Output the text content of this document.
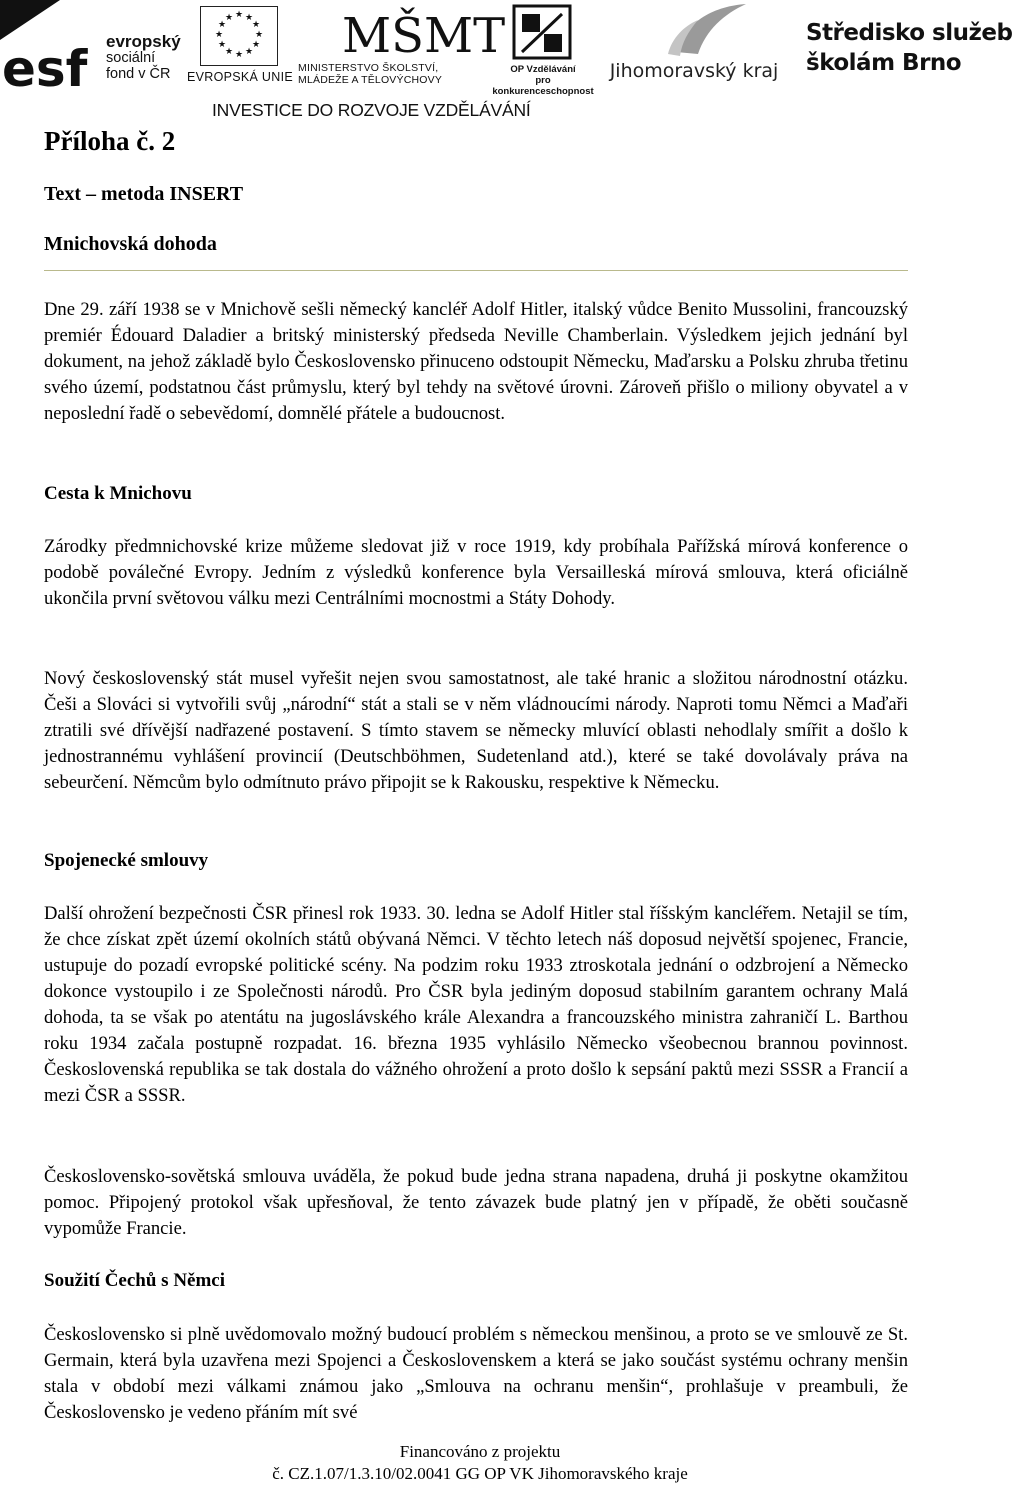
esf evropský
sociální
fond v ČR
★ ★
★
★
★
★
★
★
★
★
★
★
EVROPSKÁ UNIE
MŠMT
MINISTERSTVO ŠKOLSTVÍ,
MLÁDEŽE A TĚLOVÝCHOVY
OP Vzdělávání
pro konkurenceschopnost
Jihomoravský kraj
Středisko služeb
školám Brno
INVESTICE DO ROZVOJE VZDĚLÁVÁNÍ
Příloha č. 2
Text – metoda INSERT
Mnichovská dohoda

Dne 29. září 1938 se v Mnichově sešli německý kancléř Adolf Hitler, italský vůdce Benito Mussolini, francouzský premiér Édouard Daladier a britský ministerský předseda Neville Chamberlain. Výsledkem jejich jednání byl dokument, na jehož základě bylo Československo přinuceno odstoupit Německu, Maďarsku a Polsku zhruba třetinu svého území, podstatnou část průmyslu, který byl tehdy na světové úrovni. Zároveň přišlo o miliony obyvatel a v neposlední řadě o sebevědomí, domnělé přátele a budoucnost.

Cesta k Mnichovu

Zárodky předmnichovské krize můžeme sledovat již v roce 1919, kdy probíhala Pařížská mírová konference o podobě poválečné Evropy. Jedním z výsledků konference byla Versailleská mírová smlouva, která oficiálně ukončila první světovou válku mezi Centrálními mocnostmi a Státy Dohody.

Nový československý stát musel vyřešit nejen svou samostatnost, ale také hranic a složitou národnostní otázku. Češi a Slováci si vytvořili svůj „národní“ stát a stali se v něm vládnoucími národy. Naproti tomu Němci a Maďaři ztratili své dřívější nadřazené postavení. S tímto stavem se německy mluvící oblasti nehodlaly smířit a došlo k jednostrannému vyhlášení provincií (Deutschböhmen, Sudetenland atd.), které se také dovolávaly práva na sebeurčení. Němcům bylo odmítnuto právo připojit se k Rakousku, respektive k Německu.

Spojenecké smlouvy

Další ohrožení bezpečnosti ČSR přinesl rok 1933. 30. ledna se Adolf Hitler stal říšským kancléřem. Netajil se tím, že chce získat zpět území okolních států obývaná Němci. V těchto letech náš doposud největší spojenec, Francie, ustupuje do pozadí evropské politické scény. Na podzim roku 1933 ztroskotala jednání o odzbrojení a Německo dokonce vystoupilo i ze Společnosti národů. Pro ČSR byla jediným doposud stabilním garantem ochrany Malá dohoda, ta se však po atentátu na jugoslávského krále Alexandra a francouzského ministra zahraničí L. Barthou roku 1934 začala postupně rozpadat. 16. března 1935 vyhlásilo Německo všeobecnou brannou povinnost. Československá republika se tak dostala do vážného ohrožení a proto došlo k sepsání paktů mezi SSSR a Francií a mezi ČSR a SSSR.

Československo-sovětská smlouva uváděla, že pokud bude jedna strana napadena, druhá ji poskytne okamžitou pomoc. Připojený protokol však upřesňoval, že tento závazek bude platný jen v případě, že oběti současně vypomůže Francie.

Soužití Čechů s Němci

Československo si plně uvědomovalo možný budoucí problém s německou menšinou, a proto se ve smlouvě ze St. Germain, která byla uzavřena mezi Spojenci a Československem a která se jako součást systému ochrany menšin stala v období mezi válkami známou jako „Smlouva na ochranu menšin“, prohlašuje v preambuli, že Československo je vedeno přáním mít své

Financováno z projektu
č. CZ.1.07/1.3.10/02.0041 GG OP VK Jihomoravského kraje
